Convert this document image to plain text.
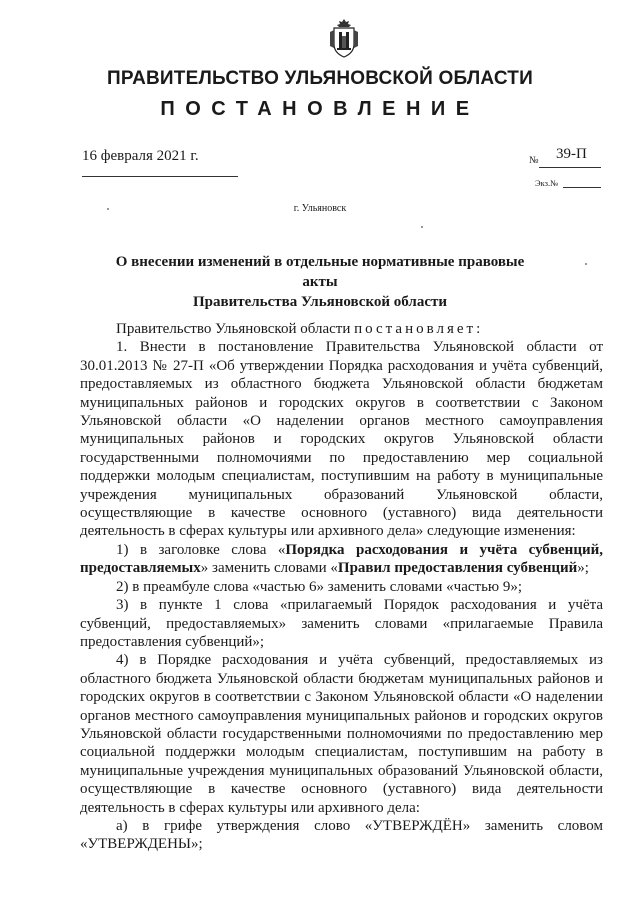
ПРАВИТЕЛЬСТВО УЛЬЯНОВСКОЙ ОБЛАСТИ
ПОСТАНОВЛЕНИЕ
16 февраля 2021 г.	№ 39-П
Экз.№
г. Ульяновск
О внесении изменений в отдельные нормативные правовые акты
Правительства Ульяновской области

Правительство Ульяновской области постановляет:

1. Внести в постановление Правительства Ульяновской области от 30.01.2013 № 27-П «Об утверждении Порядка расходования и учёта субвенций, предоставляемых из областного бюджета Ульяновской области бюджетам муниципальных районов и городских округов в соответствии с Законом Ульяновской области «О наделении органов местного самоуправления муниципальных районов и городских округов Ульяновской области государственными полномочиями по предоставлению мер социальной поддержки молодым специалистам, поступившим на работу в муниципальные учреждения муниципальных образований Ульяновской области, осуществляющие в качестве основного (уставного) вида деятельности деятельность в сферах культуры или архивного дела» следующие изменения:

1) в заголовке слова «Порядка расходования и учёта субвенций, предоставляемых» заменить словами «Правил предоставления субвенций»;

2) в преамбуле слова «частью 6» заменить словами «частью 9»;

3) в пункте 1 слова «прилагаемый Порядок расходования и учёта субвенций, предоставляемых» заменить словами «прилагаемые Правила предоставления субвенций»;

4) в Порядке расходования и учёта субвенций, предоставляемых из областного бюджета Ульяновской области бюджетам муниципальных районов и городских округов в соответствии с Законом Ульяновской области «О наделении органов местного самоуправления муниципальных районов и городских округов Ульяновской области государственными полномочиями по предоставлению мер социальной поддержки молодым специалистам, поступившим на работу в муниципальные учреждения муниципальных образований Ульяновской области, осуществляющие в качестве основного (уставного) вида деятельности деятельность в сферах культуры или архивного дела:

а) в грифе утверждения слово «УТВЕРЖДЁН» заменить словом «УТВЕРЖДЕНЫ»;
